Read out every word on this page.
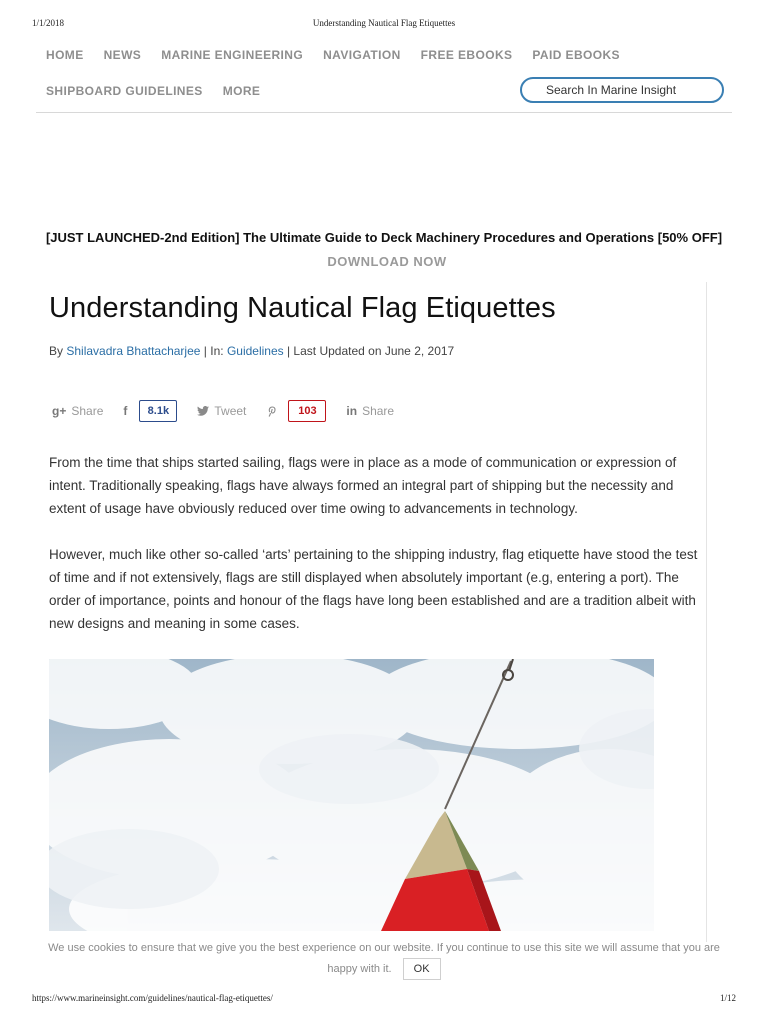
1/1/2018	Understanding Nautical Flag Etiquettes
HOME NEWS MARINE ENGINEERING NAVIGATION FREE EBOOKS PAID EBOOKS
SHIPBOARD GUIDELINES MORE	Search In Marine Insight
[JUST LAUNCHED-2nd Edition] The Ultimate Guide to Deck Machinery Procedures and Operations [50% OFF] DOWNLOAD NOW
Understanding Nautical Flag Etiquettes
By Shilavadra Bhattacharjee | In: Guidelines | Last Updated on June 2, 2017
g+ Share f	8.1k	Tweet	103	in Share

From the time that ships started sailing, flags were in place as a mode of communication or expression of intent. Traditionally speaking, flags have always formed an integral part of shipping but the necessity and extent of usage have obviously reduced over time owing to advancements in technology.

However, much like other so-called ‘arts’ pertaining to the shipping industry, flag etiquette have stood the test of time and if not extensively, flags are still displayed when absolutely important (e.g, entering a port). The order of importance, points and honour of the flags have long been established and are a tradition albeit with new designs and meaning in some cases.

We use cookies to ensure that we give you the best experience on our website. If you continue to use this site we will assume that you are happy with it. OK
https://www.marineinsight.com/guidelines/nautical-flag-etiquettes/	1/12
